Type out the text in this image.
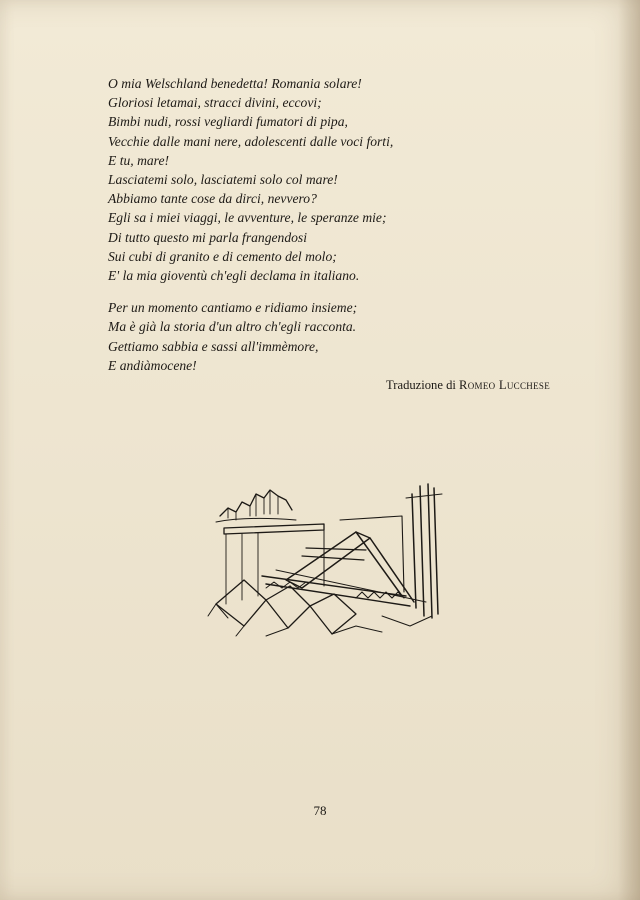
O mia Welschland benedetta! Romania solare!
Gloriosi letamai, stracci divini, eccovi;
Bimbi nudi, rossi vegliardi fumatori di pipa,
Vecchie dalle mani nere, adolescenti dalle voci forti,
E tu, mare!
Lasciatemi solo, lasciatemi solo col mare!
Abbiamo tante cose da dirci, nevvero?
Egli sa i miei viaggi, le avventure, le speranze mie;
Di tutto questo mi parla frangendosi
Sui cubi di granito e di cemento del molo;
E' la mia gioventù ch'egli declama in italiano.
Per un momento cantiamo e ridiamo insieme;
Ma è già la storia d'un altro ch'egli racconta.
Gettiamo sabbia e sassi all'immèmore,
E andiàmocene!
Traduzione di Romeo Lucchese
78
